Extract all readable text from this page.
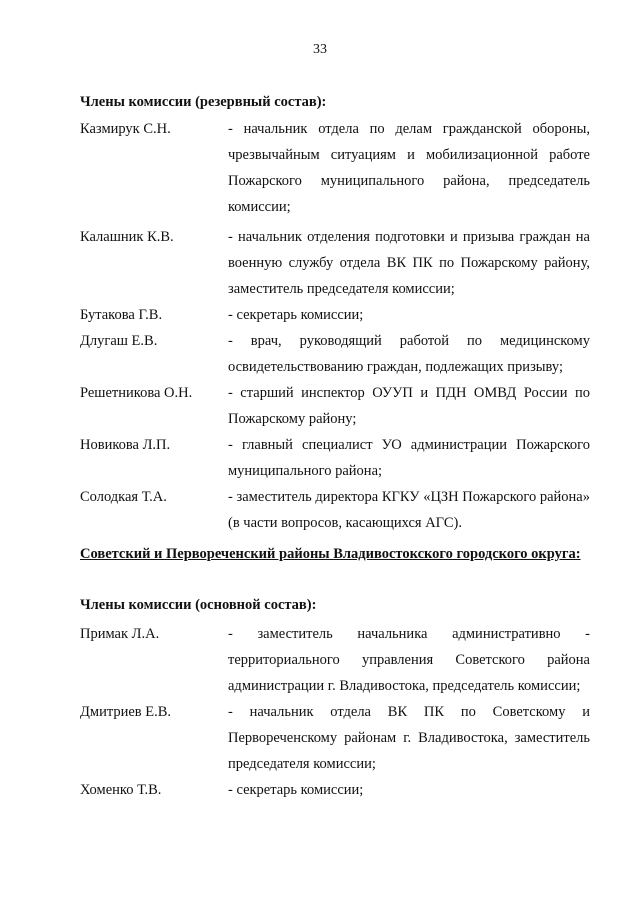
33

Члены комиссии (резервный состав):

Казмирук С.Н.	- начальник отдела по делам гражданской обороны, чрезвычайным ситуациям и мобилизационной работе Пожарского муниципального района, председатель комиссии;
Калашник К.В.	- начальник отделения подготовки и призыва граждан на военную службу отдела ВК ПК по Пожарскому району, заместитель председателя комиссии;
Бутакова Г.В.	- секретарь комиссии;
Длугаш Е.В.	- врач, руководящий работой по медицинскому освидетельствованию граждан, подлежащих призыву;
Решетникова О.Н.	- старший инспектор ОУУП и ПДН ОМВД России по Пожарскому району;
Новикова Л.П.	- главный специалист УО администрации Пожарского муниципального района;
Солодкая Т.А.	- заместитель директора КГКУ «ЦЗН Пожарского района» (в части вопросов, касающихся АГС).

Советский и Первореченский районы Владивостокского городского округа:

Члены комиссии (основной состав):

Примак Л.А.	- заместитель начальника административно - территориального управления Советского района администрации г. Владивостока, председатель комиссии;
Дмитриев Е.В.	- начальник отдела ВК ПК по Советскому и Первореченскому районам г. Владивостока, заместитель председателя комиссии;
Хоменко Т.В.	- секретарь комиссии;
